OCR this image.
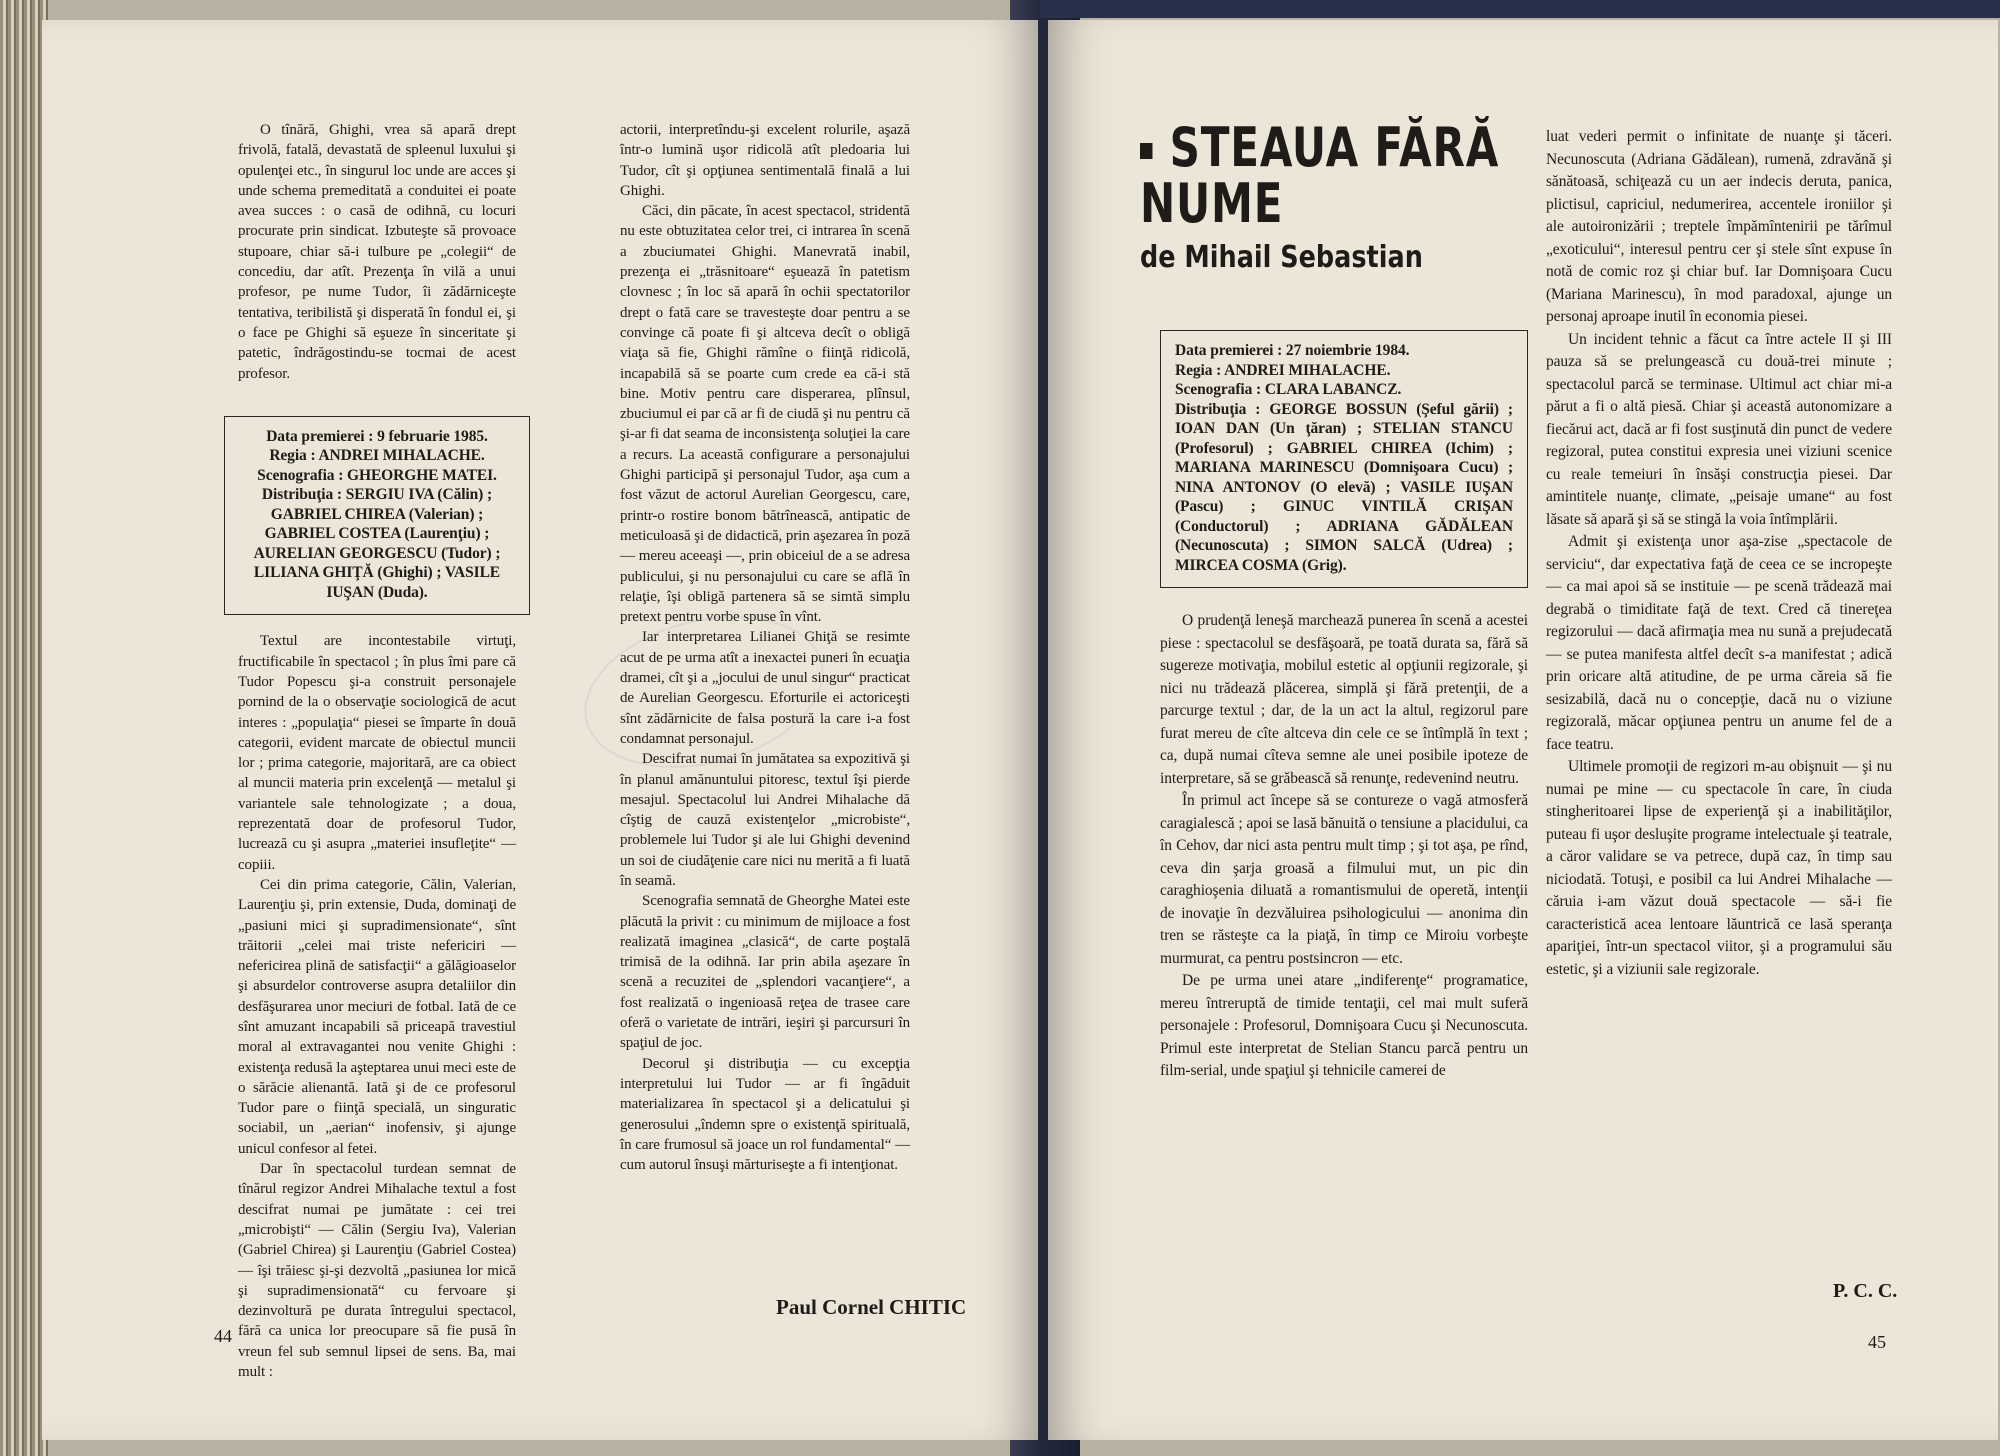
O tînără, Ghighi, vrea să apară drept frivolă, fatală, devastată de spleenul luxului şi opulenţei etc., în singurul loc unde are acces şi unde schema premeditată a conduitei ei poate avea succes : o casă de odihnă, cu locuri procurate prin sindicat. Izbuteşte să provoace stupoare, chiar să-i tulbure pe „colegii“ de concediu, dar atît. Prezenţa în vilă a unui profesor, pe nume Tudor, îi zădărniceşte tentativa, teribilistă şi disperată în fondul ei, şi o face pe Ghighi să eşueze în sinceritate şi patetic, îndrăgostindu-se tocmai de acest profesor.

Data premierei : 9 februarie 1985.
Regia : ANDREI MIHALACHE.
Scenografia : GHEORGHE MATEI.
Distribuţia : SERGIU IVA (Călin) ; GABRIEL CHIREA (Valerian) ; GABRIEL COSTEA (Laurenţiu) ; AURELIAN GEORGESCU (Tudor) ; LILIANA GHIŢĂ (Ghighi) ; VASILE IUŞAN (Duda).

Textul are incontestabile virtuţi, fructificabile în spectacol ; în plus îmi pare că Tudor Popescu şi-a construit personajele pornind de la o observaţie sociologică de acut interes : „populaţia“ piesei se împarte în două categorii, evident marcate de obiectul muncii lor ; prima categorie, majoritară, are ca obiect al muncii materia prin excelenţă — metalul şi variantele sale tehnologizate ; a doua, reprezentată doar de profesorul Tudor, lucrează cu şi asupra „materiei insufleţite“ — copiii.

Cei din prima categorie, Călin, Valerian, Laurenţiu şi, prin extensie, Duda, dominaţi de „pasiuni mici şi supradimensionate“, sînt trăitorii „celei mai triste nefericiri — nefericirea plină de satisfacţii“ a gălăgioaselor şi absurdelor controverse asupra detaliilor din desfăşurarea unor meciuri de fotbal. Iată de ce sînt amuzant incapabili să priceapă travestiul moral al extravagantei nou venite Ghighi : existenţa redusă la aşteptarea unui meci este de o sărăcie alienantă. Iată şi de ce profesorul Tudor pare o fiinţă specială, un singuratic sociabil, un „aerian“ inofensiv, şi ajunge unicul confesor al fetei.

Dar în spectacolul turdean semnat de tînărul regizor Andrei Mihalache textul a fost descifrat numai pe jumătate : cei trei „microbişti“ — Călin (Sergiu Iva), Valerian (Gabriel Chirea) şi Laurenţiu (Gabriel Costea) — îşi trăiesc şi-şi dezvoltă „pasiunea lor mică şi supradimensionată“ cu fervoare şi dezinvoltură pe durata întregului spectacol, fără ca unica lor preocupare să fie pusă în vreun fel sub semnul lipsei de sens. Ba, mai mult :

actorii, interpretîndu-şi excelent rolurile, aşază într-o lumină uşor ridicolă atît pledoaria lui Tudor, cît şi opţiunea sentimentală finală a lui Ghighi.

Căci, din păcate, în acest spectacol, stridentă nu este obtuzitatea celor trei, ci intrarea în scenă a zbuciumatei Ghighi. Manevrată inabil, prezenţa ei „trăsnitoare“ eşuează în patetism clovnesc ; în loc să apară în ochii spectatorilor drept o fată care se travesteşte doar pentru a se convinge că poate fi şi altceva decît o obligă viaţa să fie, Ghighi rămîne o fiinţă ridicolă, incapabilă să se poarte cum crede ea că-i stă bine. Motiv pentru care disperarea, plînsul, zbuciumul ei par că ar fi de ciudă şi nu pentru că şi-ar fi dat seama de inconsistenţa soluţiei la care a recurs. La această configurare a personajului Ghighi participă şi personajul Tudor, aşa cum a fost văzut de actorul Aurelian Georgescu, care, printr-o rostire bonom bătrînească, antipatic de meticuloasă şi de didactică, prin aşezarea în poză — mereu aceeaşi —, prin obiceiul de a se adresa publicului, şi nu personajului cu care se află în relaţie, îşi obligă partenera să se simtă simplu pretext pentru vorbe spuse în vînt.

Iar interpretarea Lilianei Ghiţă se resimte acut de pe urma atît a inexactei puneri în ecuaţia dramei, cît şi a „jocului de unul singur“ practicat de Aurelian Georgescu. Eforturile ei actoriceşti sînt zădărnicite de falsa postură la care i-a fost condamnat personajul.

Descifrat numai în jumătatea sa expozitivă şi în planul amănuntului pitoresc, textul îşi pierde mesajul. Spectacolul lui Andrei Mihalache dă cîştig de cauză existenţelor „microbiste“, problemele lui Tudor şi ale lui Ghighi devenind un soi de ciudăţenie care nici nu merită a fi luată în seamă.

Scenografia semnată de Gheorghe Matei este plăcută la privit : cu minimum de mijloace a fost realizată imaginea „clasică“, de carte poştală trimisă de la odihnă. Iar prin abila aşezare în scenă a recuzitei de „splendori vacanţiere“, a fost realizată o ingenioasă reţea de trasee care oferă o varietate de intrări, ieşiri şi parcursuri în spaţiul de joc.

Decorul şi distribuţia — cu excepţia interpretului lui Tudor — ar fi îngăduit materializarea în spectacol şi a delicatului şi generosului „îndemn spre o existenţă spirituală, în care frumosul să joace un rol fundamental“ — cum autorul însuşi mărturiseşte a fi intenţionat.

Paul Cornel CHITIC
44
STEAUA FĂRĂ
NUME
de Mihail Sebastian
Data premierei : 27 noiembrie 1984.
Regia : ANDREI MIHALACHE.
Scenografia : CLARA LABANCZ.
Distribuţia : GEORGE BOSSUN (Şeful gării) ; IOAN DAN (Un ţăran) ; STELIAN STANCU (Profesorul) ; GABRIEL CHIREA (Ichim) ; MARIANA MARINESCU (Domnişoara Cucu) ; NINA ANTONOV (O elevă) ; VASILE IUŞAN (Pascu) ; GINUC VINTILĂ CRIŞAN (Conductorul) ; ADRIANA GĂDĂLEAN (Necunoscuta) ; SIMON SALCĂ (Udrea) ; MIRCEA COSMA (Grig).

O prudenţă leneşă marchează punerea în scenă a acestei piese : spectacolul se desfăşoară, pe toată durata sa, fără să sugereze motivaţia, mobilul estetic al opţiunii regizorale, şi nici nu trădează plăcerea, simplă şi fără pretenţii, de a parcurge textul ; dar, de la un act la altul, regizorul pare furat mereu de cîte altceva din cele ce se întîmplă în text ; ca, după numai cîteva semne ale unei posibile ipoteze de interpretare, să se grăbească să renunţe, redevenind neutru.

În primul act începe să se contureze o vagă atmosferă caragialescă ; apoi se lasă bănuită o tensiune a placidului, ca în Cehov, dar nici asta pentru mult timp ; şi tot aşa, pe rînd, ceva din şarja groasă a filmului mut, un pic din caraghioşenia diluată a romantismului de operetă, intenţii de inovaţie în dezvăluirea psihologicului — anonima din tren se răsteşte ca la piaţă, în timp ce Miroiu vorbeşte murmurat, ca pentru postsincron — etc.

De pe urma unei atare „indiferenţe“ programatice, mereu întreruptă de timide tentaţii, cel mai mult suferă personajele : Profesorul, Domnişoara Cucu şi Necunoscuta. Primul este interpretat de Stelian Stancu parcă pentru un film-serial, unde spaţiul şi tehnicile camerei de

luat vederi permit o infinitate de nuanţe şi tăceri. Necunoscuta (Adriana Gădălean), rumenă, zdravănă şi sănătoasă, schiţează cu un aer indecis deruta, panica, plictisul, capriciul, nedumerirea, accentele ironiilor şi ale autoironizării ; treptele împămîntenirii pe tărîmul „exoticului“, interesul pentru cer şi stele sînt expuse în notă de comic roz şi chiar buf. Iar Domnişoara Cucu (Mariana Marinescu), în mod paradoxal, ajunge un personaj aproape inutil în economia piesei.

Un incident tehnic a făcut ca între actele II şi III pauza să se prelungească cu două-trei minute ; spectacolul parcă se terminase. Ultimul act chiar mi-a părut a fi o altă piesă. Chiar şi această autonomizare a fiecărui act, dacă ar fi fost susţinută din punct de vedere regizoral, putea constitui expresia unei viziuni scenice cu reale temeiuri în însăşi construcţia piesei. Dar amintitele nuanţe, climate, „peisaje umane“ au fost lăsate să apară şi să se stingă la voia întîmplării.

Admit şi existenţa unor aşa-zise „spectacole de serviciu“, dar expectativa faţă de ceea ce se incropeşte — ca mai apoi să se instituie — pe scenă trădează mai degrabă o timiditate faţă de text. Cred că tinereţea regizorului — dacă afirmaţia mea nu sună a prejudecată — se putea manifesta altfel decît s-a manifestat ; adică prin oricare altă atitudine, de pe urma căreia să fie sesizabilă, dacă nu o concepţie, dacă nu o viziune regizorală, măcar opţiunea pentru un anume fel de a face teatru.

Ultimele promoţii de regizori m-au obişnuit — şi nu numai pe mine — cu spectacole în care, în ciuda stingheritoarei lipse de experienţă şi a inabilităţilor, puteau fi uşor desluşite programe intelectuale şi teatrale, a căror validare se va petrece, după caz, în timp sau niciodată. Totuşi, e posibil ca lui Andrei Mihalache — căruia i-am văzut două spectacole — să-i fie caracteristică acea lentoare lăuntrică ce lasă speranţa apariţiei, într-un spectacol viitor, şi a programului său estetic, şi a viziunii sale regizorale.

P. C. C.
45
